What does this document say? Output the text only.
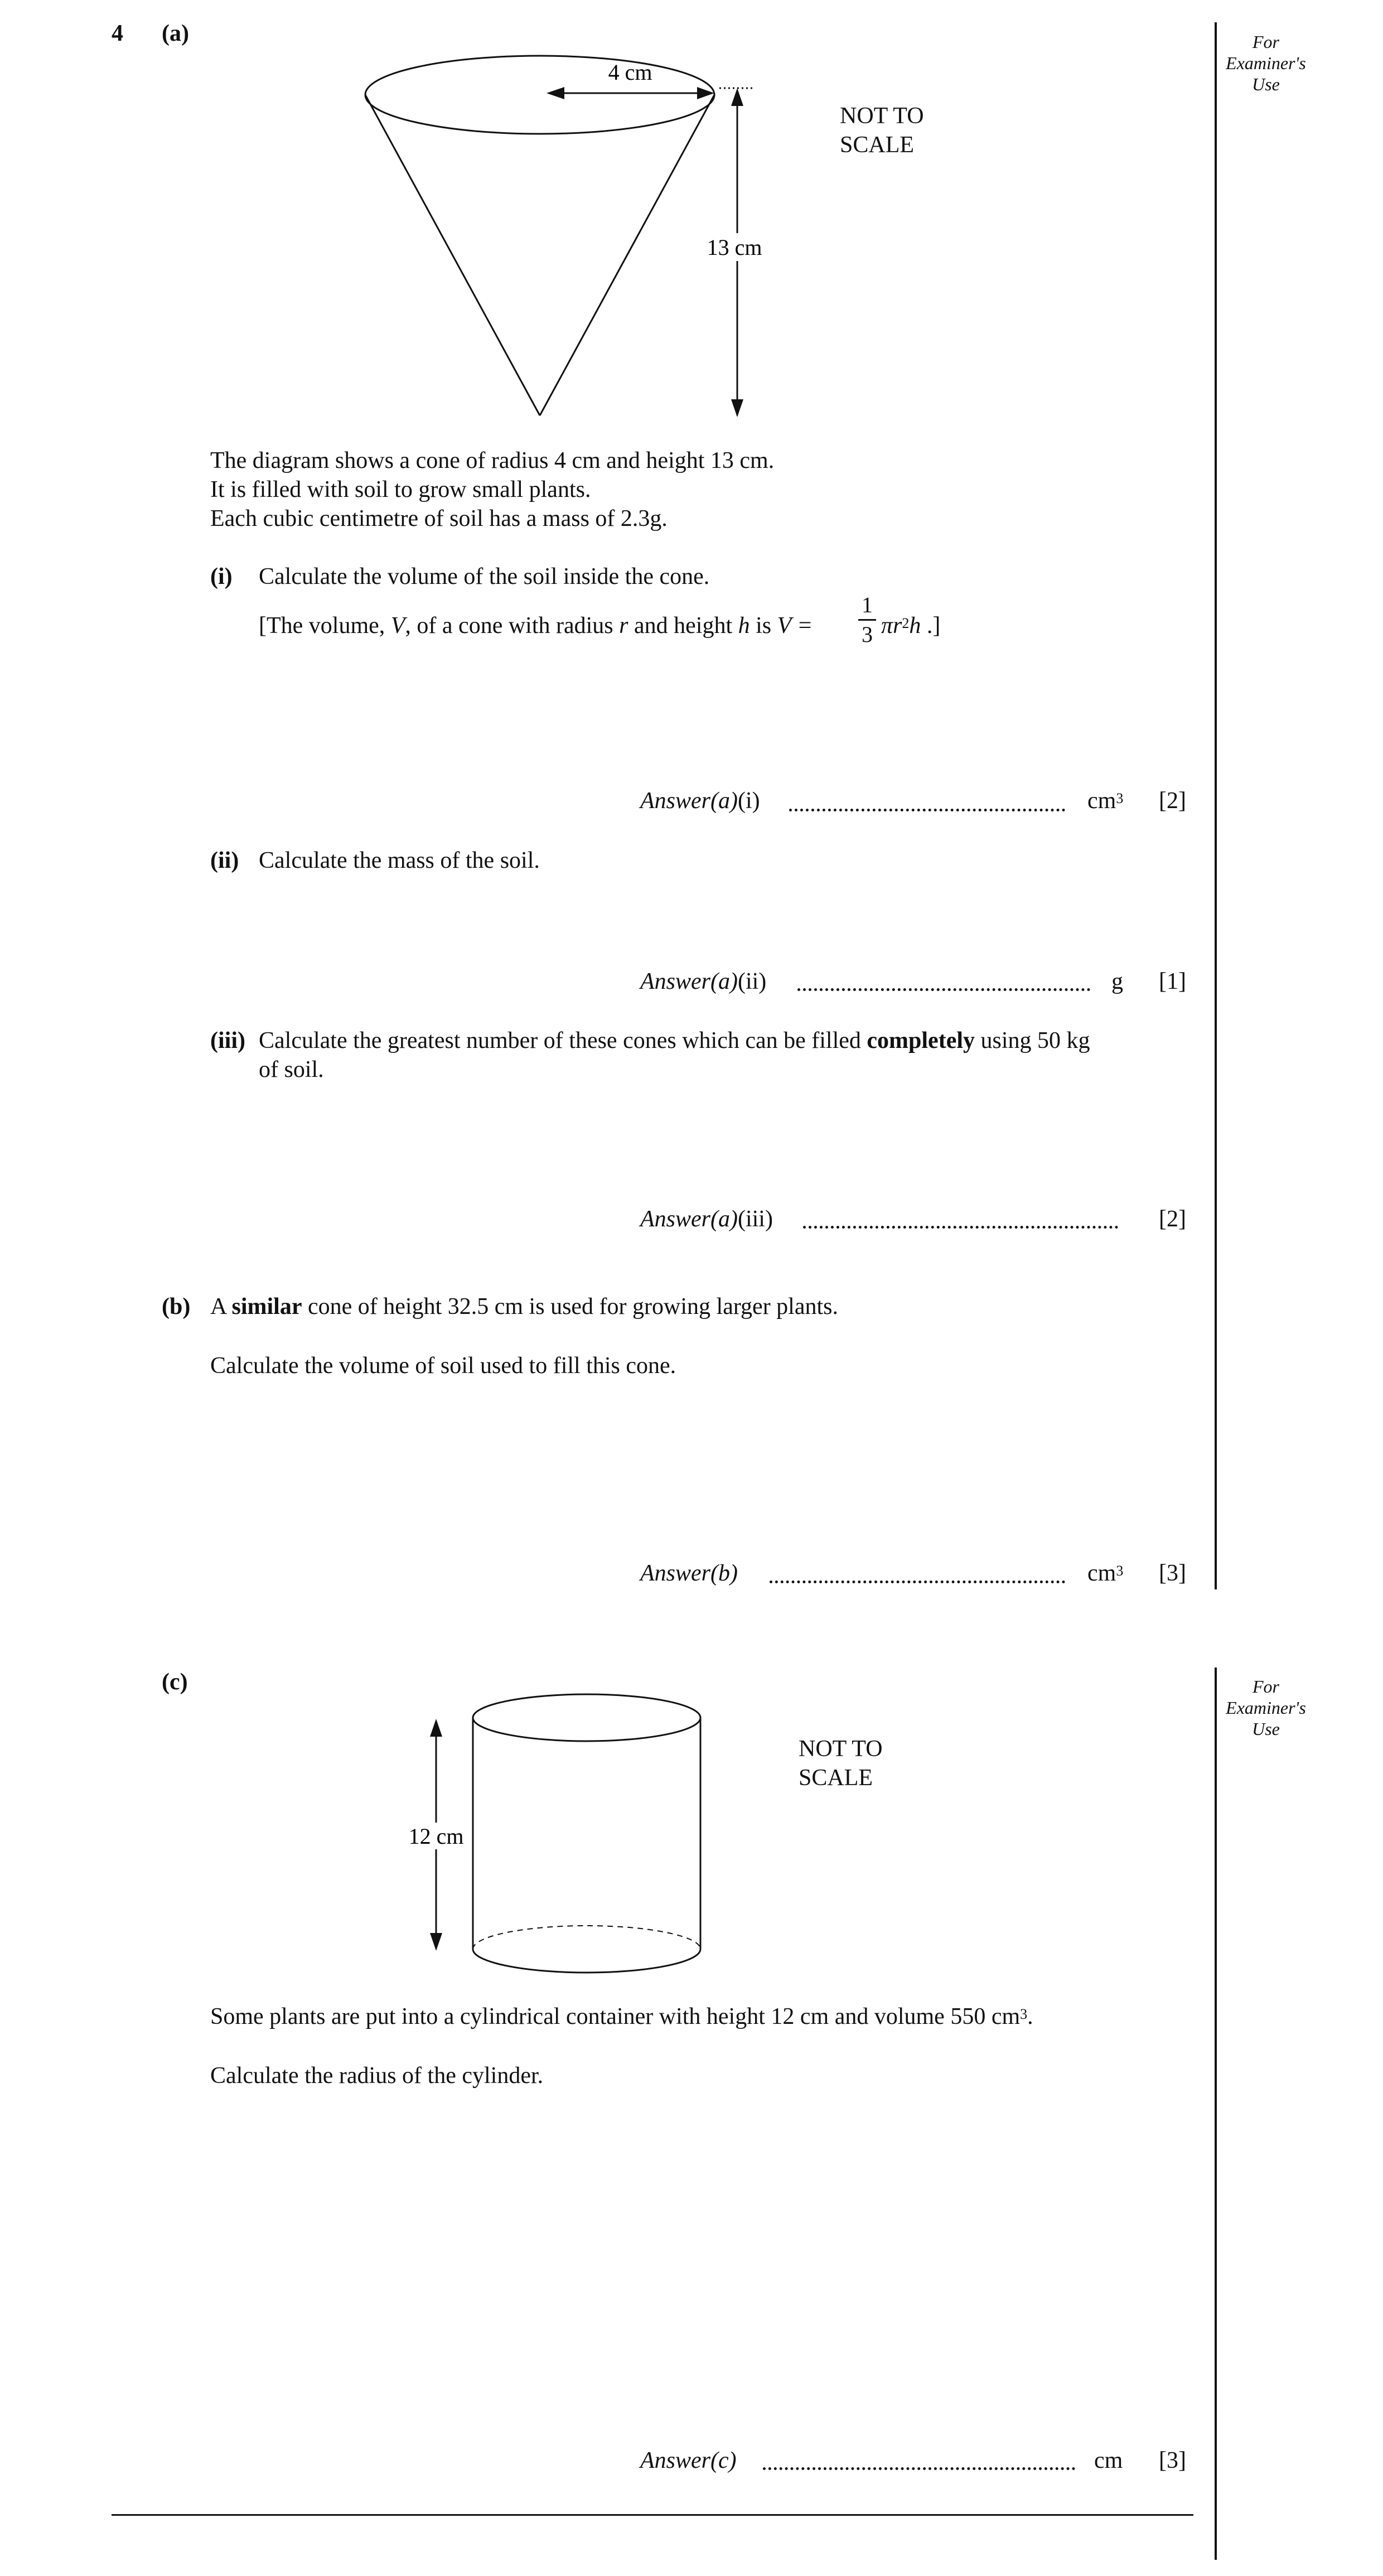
4 (a)	For
Examiner's
Use
4 cm
13 cm
NOT TO
SCALE
The diagram shows a cone of radius 4 cm and height 13 cm.
It is filled with soil to grow small plants.
Each cubic centimetre of soil has a mass of 2.3g.
(i) Calculate the volume of the soil inside the cone.
[The volume, V, of a cone with radius r and height h is V =
1
3 $\pi r^2h$ .]
Answer(a)(i)	$cm^3$ [2]
(ii) Calculate the mass of the soil.
Answer(a)(ii)	g [1]
(iii) Calculate the greatest number of these cones which can be filled completely using 50 kg
of soil.
Answer(a)(iii)	[2]
(b) A similar cone of height 32.5 cm is used for growing larger plants.
Calculate the volume of soil used to fill this cone.
Answer(b)	$cm^3$ [3]
(c)	For
Examiner's
Use
12 cm
NOT TO
SCALE
Some plants are put into a cylindrical container with height 12 cm and volume 550 $cm^3$.
Calculate the radius of the cylinder.
Answer(c)	cm [3]
